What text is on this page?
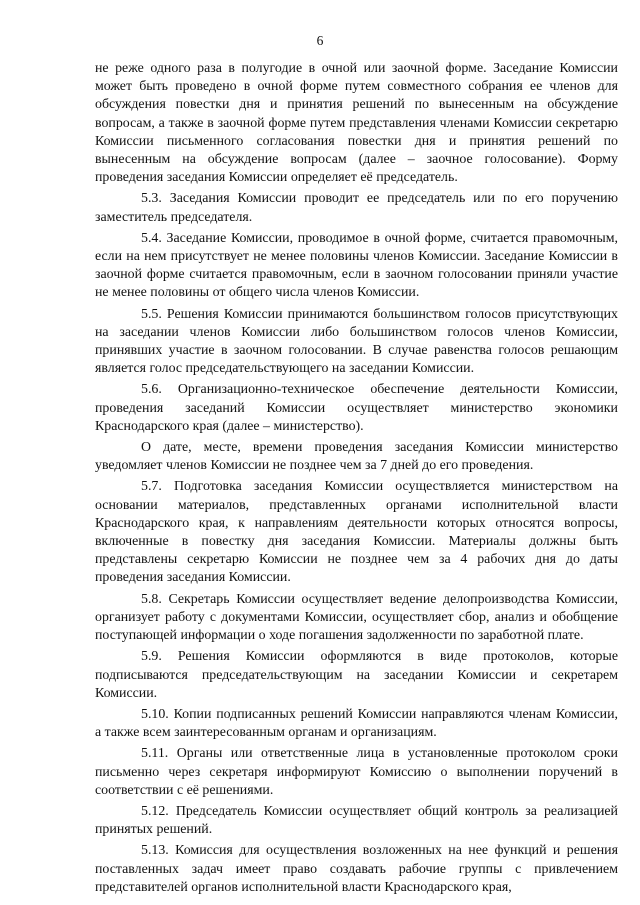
6

не реже одного раза в полугодие в очной или заочной форме. Заседание Комиссии может быть проведено в очной форме путем совместного собрания ее членов для обсуждения повестки дня и принятия решений по вынесенным на обсуждение вопросам, а также в заочной форме путем представления членами Комиссии секретарю Комиссии письменного согласования повестки дня и принятия решений по вынесенным на обсуждение вопросам (далее – заочное голосование). Форму проведения заседания Комиссии определяет её председатель.

5.3. Заседания Комиссии проводит ее председатель или по его поручению заместитель председателя.

5.4. Заседание Комиссии, проводимое в очной форме, считается правомочным, если на нем присутствует не менее половины членов Комиссии. Заседание Комиссии в заочной форме считается правомочным, если в заочном голосовании приняли участие не менее половины от общего числа членов Комиссии.

5.5. Решения Комиссии принимаются большинством голосов присутствующих на заседании членов Комиссии либо большинством голосов членов Комиссии, принявших участие в заочном голосовании. В случае равенства голосов решающим является голос председательствующего на заседании Комиссии.

5.6. Организационно-техническое обеспечение деятельности Комиссии, проведения заседаний Комиссии осуществляет министерство экономики Краснодарского края (далее – министерство).

О дате, месте, времени проведения заседания Комиссии министерство уведомляет членов Комиссии не позднее чем за 7 дней до его проведения.

5.7. Подготовка заседания Комиссии осуществляется министерством на основании материалов, представленных органами исполнительной власти Краснодарского края, к направлениям деятельности которых относятся вопросы, включенные в повестку дня заседания Комиссии. Материалы должны быть представлены секретарю Комиссии не позднее чем за 4 рабочих дня до даты проведения заседания Комиссии.

5.8. Секретарь Комиссии осуществляет ведение делопроизводства Комиссии, организует работу с документами Комиссии, осуществляет сбор, анализ и обобщение поступающей информации о ходе погашения задолженности по заработной плате.

5.9. Решения Комиссии оформляются в виде протоколов, которые подписываются председательствующим на заседании Комиссии и секретарем Комиссии.

5.10. Копии подписанных решений Комиссии направляются членам Комиссии, а также всем заинтересованным органам и организациям.

5.11. Органы или ответственные лица в установленные протоколом сроки письменно через секретаря информируют Комиссию о выполнении поручений в соответствии с её решениями.

5.12. Председатель Комиссии осуществляет общий контроль за реализацией принятых решений.

5.13. Комиссия для осуществления возложенных на нее функций и решения поставленных задач имеет право создавать рабочие группы с привлечением представителей органов исполнительной власти Краснодарского края,
